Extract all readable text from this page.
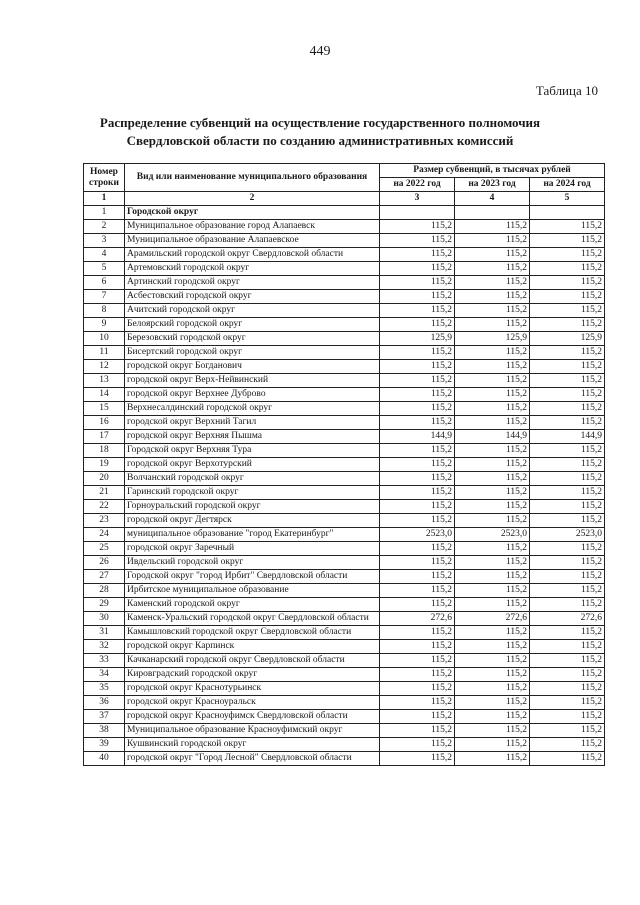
449
Таблица 10
Распределение субвенций на осуществление государственного полномочия Свердловской области по созданию административных комиссий
Номер строки	Вид или наименование муниципального образования	Размер субвенций, в тысячах рублей		
		на 2022 год	на 2023 год	на 2024 год
1	2	3	4	5
1	Городской округ			
2	Муниципальное образование город Алапаевск	115,2	115,2	115,2
3	Муниципальное образование Алапаевское	115,2	115,2	115,2
4	Арамильский городской округ Свердловской области	115,2	115,2	115,2
5	Артемовский городской округ	115,2	115,2	115,2
6	Артинский городской округ	115,2	115,2	115,2
7	Асбестовский городской округ	115,2	115,2	115,2
8	Ачитский городской округ	115,2	115,2	115,2
9	Белоярский городской округ	115,2	115,2	115,2
10	Березовский городской округ	125,9	125,9	125,9
11	Бисертский городской округ	115,2	115,2	115,2
12	городской округ Богданович	115,2	115,2	115,2
13	городской округ Верх-Нейвинский	115,2	115,2	115,2
14	городской округ Верхнее Дуброво	115,2	115,2	115,2
15	Верхнесалдинский городской округ	115,2	115,2	115,2
16	городской округ Верхний Тагил	115,2	115,2	115,2
17	городской округ Верхняя Пышма	144,9	144,9	144,9
18	Городской округ Верхняя Тура	115,2	115,2	115,2
19	городской округ Верхотурский	115,2	115,2	115,2
20	Волчанский городской округ	115,2	115,2	115,2
21	Гаринский городской округ	115,2	115,2	115,2
22	Горноуральский городской округ	115,2	115,2	115,2
23	городской округ Дегтярск	115,2	115,2	115,2
24	муниципальное образование "город Екатеринбург"	2523,0	2523,0	2523,0
25	городской округ Заречный	115,2	115,2	115,2
26	Ивдельский городской округ	115,2	115,2	115,2
27	Городской округ "город Ирбит" Свердловской области	115,2	115,2	115,2
28	Ирбитское муниципальное образование	115,2	115,2	115,2
29	Каменский городской округ	115,2	115,2	115,2
30	Каменск-Уральский городской округ Свердловской области	272,6	272,6	272,6
31	Камышловский городской округ Свердловской области	115,2	115,2	115,2
32	городской округ Карпинск	115,2	115,2	115,2
33	Качканарский городской округ Свердловской области	115,2	115,2	115,2
34	Кировградский городской округ	115,2	115,2	115,2
35	городской округ Краснотурьинск	115,2	115,2	115,2
36	городской округ Красноуральск	115,2	115,2	115,2
37	городской округ Красноуфимск Свердловской области	115,2	115,2	115,2
38	Муниципальное образование Красноуфимский округ	115,2	115,2	115,2
39	Кушвинский городской округ	115,2	115,2	115,2
40	городской округ "Город Лесной" Свердловской области	115,2	115,2	115,2
